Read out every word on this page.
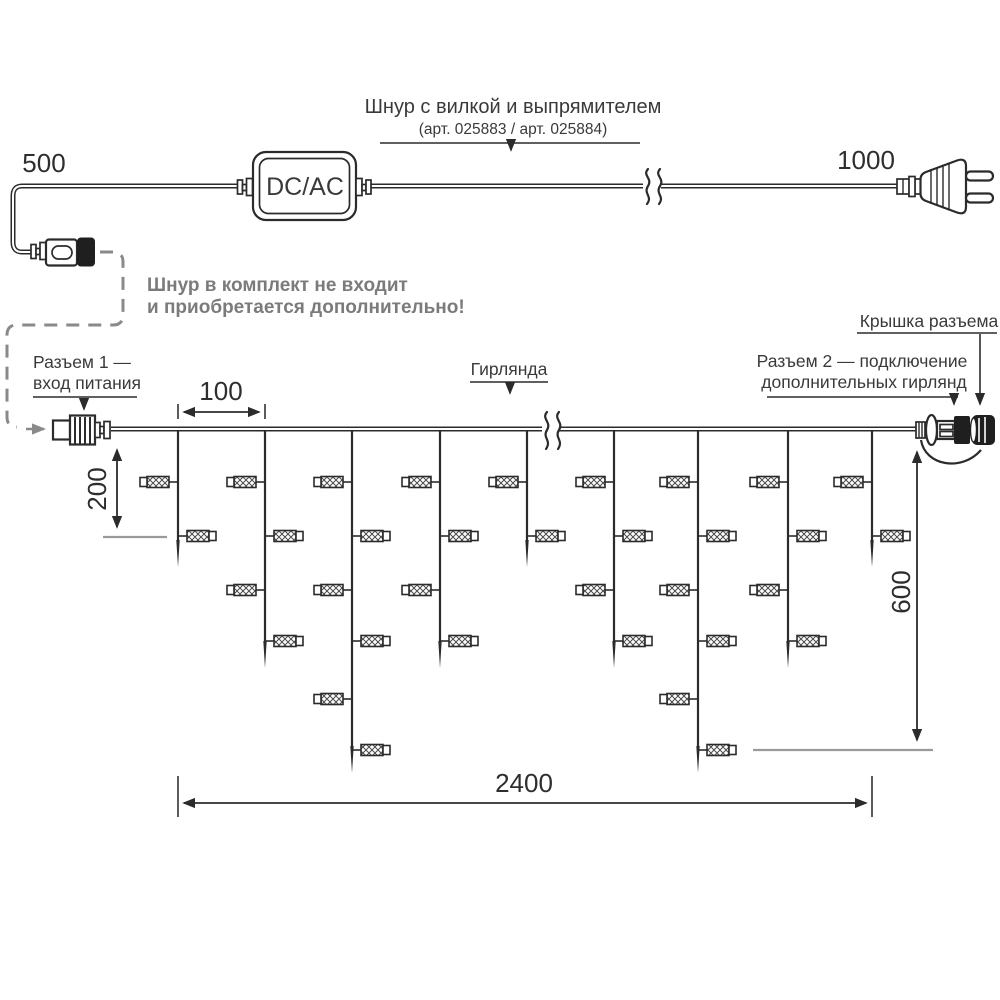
DC/AC
500	1000
Шнур с вилкой и выпрямителем
(арт. 025883 / арт. 025884)
Шнур в комплект не входит
и приобретается дополнительно!
100
200
600
2400
Разъем 1 —
вход питания
Гирлянда
Крышка разъема
Разъем 2 — подключение
дополнительных гирлянд
